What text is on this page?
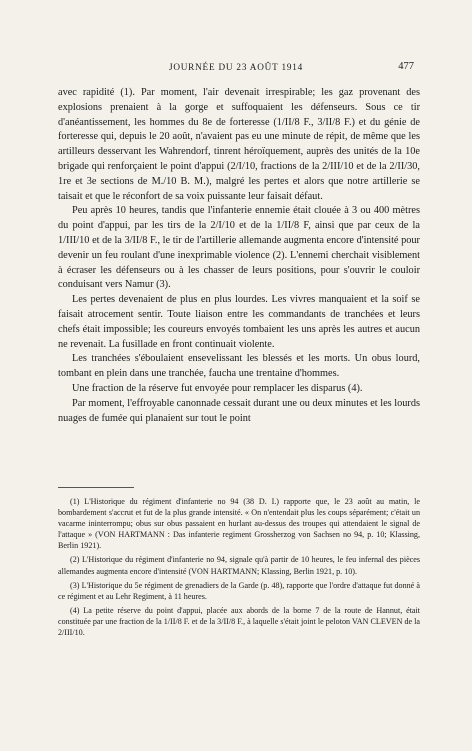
JOURNÉE DU 23 AOÛT 1914	477

avec rapidité (1). Par moment, l'air devenait irrespirable; les gaz provenant des explosions prenaient à la gorge et suffoquaient les défenseurs. Sous ce tir d'anéantissement, les hommes du 8e de forteresse (1/II/8 F., 3/II/8 F.) et du génie de forteresse qui, depuis le 20 août, n'avaient pas eu une minute de répit, de même que les artilleurs desservant les Wahrendorf, tinrent héroïquement, auprès des unités de la 10e brigade qui renforçaient le point d'appui (2/I/10, fractions de la 2/III/10 et de la 2/II/30, 1re et 3e sections de M./10 B. M.), malgré les pertes et alors que notre artillerie se taisait et que le réconfort de sa voix puissante leur faisait défaut.

Peu après 10 heures, tandis que l'infanterie ennemie était clouée à 3 ou 400 mètres du point d'appui, par les tirs de la 2/I/10 et de la 1/II/8 F, ainsi que par ceux de la 1/III/10 et de la 3/II/8 F., le tir de l'artillerie allemande augmenta encore d'intensité pour devenir un feu roulant d'une inexprimable violence (2). L'ennemi cherchait visiblement à écraser les défenseurs ou à les chasser de leurs positions, pour s'ouvrir le couloir conduisant vers Namur (3).

Les pertes devenaient de plus en plus lourdes. Les vivres manquaient et la soif se faisait atrocement sentir. Toute liaison entre les commandants de tranchées et leurs chefs était impossible; les coureurs envoyés tombaient les uns après les autres et aucun ne revenait. La fusillade en front continuait violente.

Les tranchées s'éboulaient ensevelissant les blessés et les morts. Un obus lourd, tombant en plein dans une tranchée, faucha une trentaine d'hommes.

Une fraction de la réserve fut envoyée pour remplacer les disparus (4).

Par moment, l'effroyable canonnade cessait durant une ou deux minutes et les lourds nuages de fumée qui planaient sur tout le point

(1) L'Historique du régiment d'infanterie no 94 (38 D. I.) rapporte que, le 23 août au matin, le bombardement s'accrut et fut de la plus grande intensité. « On n'entendait plus les coups séparément; c'était un vacarme ininterrompu; obus sur obus passaient en hurlant au-dessus des troupes qui attendaient le signal de l'attaque » (VON HARTMANN : Das infanterie regiment Grossherzog von Sachsen no 94, p. 10; Klassing, Berlin 1921).

(2) L'Historique du régiment d'infanterie no 94, signale qu'à partir de 10 heures, le feu infernal des pièces allemandes augmenta encore d'intensité (VON HARTMANN; Klassing, Berlin 1921, p. 10).

(3) L'Historique du 5e régiment de grenadiers de la Garde (p. 48), rapporte que l'ordre d'attaque fut donné à ce régiment et au Lehr Regiment, à 11 heures.

(4) La petite réserve du point d'appui, placée aux abords de la borne 7 de la route de Hannut, était constituée par une fraction de la 1/II/8 F. et de la 3/II/8 F., à laquelle s'était joint le peloton VAN CLEVEN de la 2/III/10.
